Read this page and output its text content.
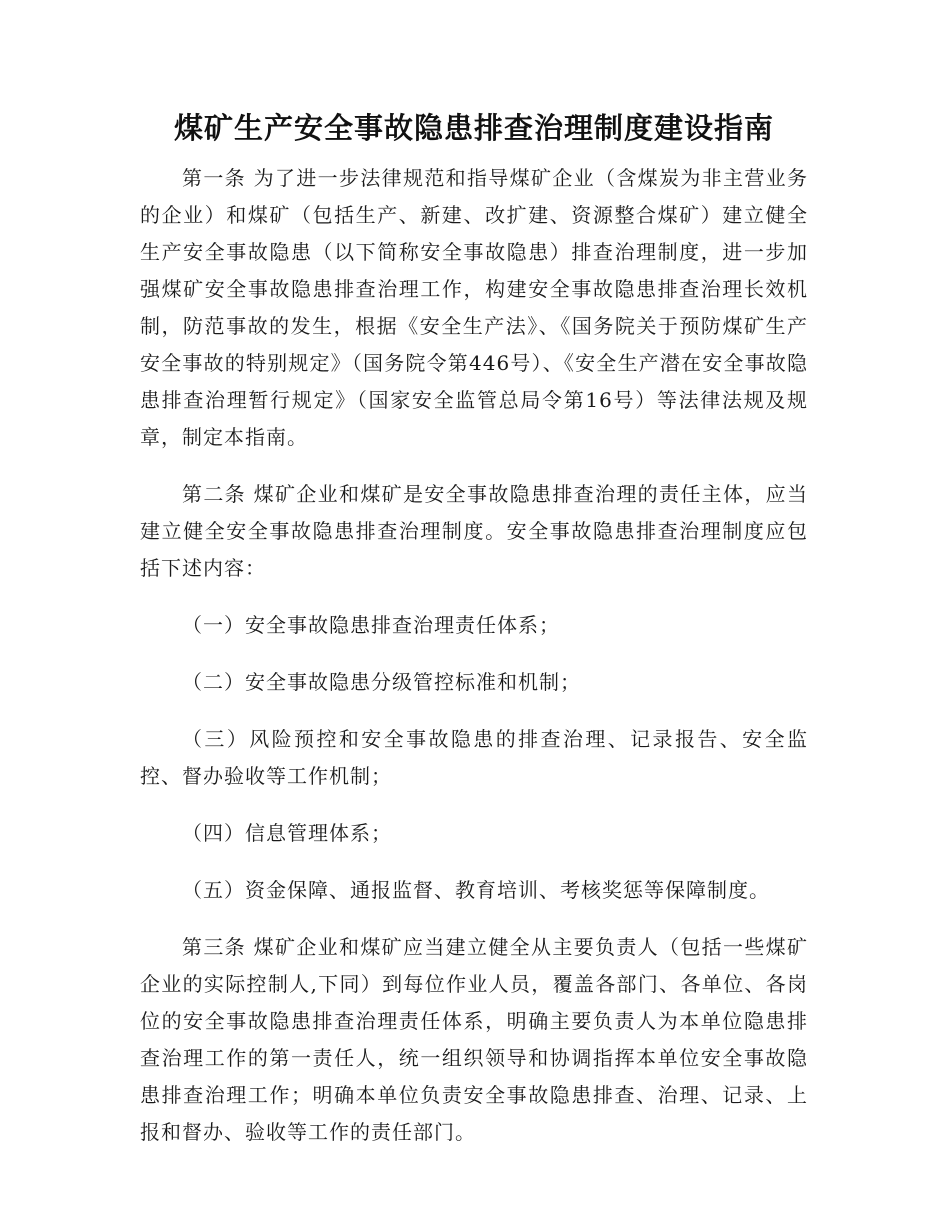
煤矿生产安全事故隐患排查治理制度建设指南

第一条 为了进一步法律规范和指导煤矿企业（含煤炭为非主营业务的企业）和煤矿（包括生产、新建、改扩建、资源整合煤矿）建立健全生产安全事故隐患（以下简称安全事故隐患）排查治理制度，进一步加强煤矿安全事故隐患排查治理工作，构建安全事故隐患排查治理长效机制，防范事故的发生，根据《安全生产法》、《国务院关于预防煤矿生产安全事故的特别规定》（国务院令第446号）、《安全生产潜在安全事故隐患排查治理暂行规定》（国家安全监管总局令第16号）等法律法规及规章，制定本指南。

第二条 煤矿企业和煤矿是安全事故隐患排查治理的责任主体，应当建立健全安全事故隐患排查治理制度。安全事故隐患排查治理制度应包括下述内容：

（一）安全事故隐患排查治理责任体系；

（二）安全事故隐患分级管控标准和机制；

（三）风险预控和安全事故隐患的排查治理、记录报告、安全监控、督办验收等工作机制；

（四）信息管理体系；

（五）资金保障、通报监督、教育培训、考核奖惩等保障制度。

第三条 煤矿企业和煤矿应当建立健全从主要负责人（包括一些煤矿企业的实际控制人,下同）到每位作业人员，覆盖各部门、各单位、各岗位的安全事故隐患排查治理责任体系，明确主要负责人为本单位隐患排查治理工作的第一责任人，统一组织领导和协调指挥本单位安全事故隐患排查治理工作；明确本单位负责安全事故隐患排查、治理、记录、上报和督办、验收等工作的责任部门。
